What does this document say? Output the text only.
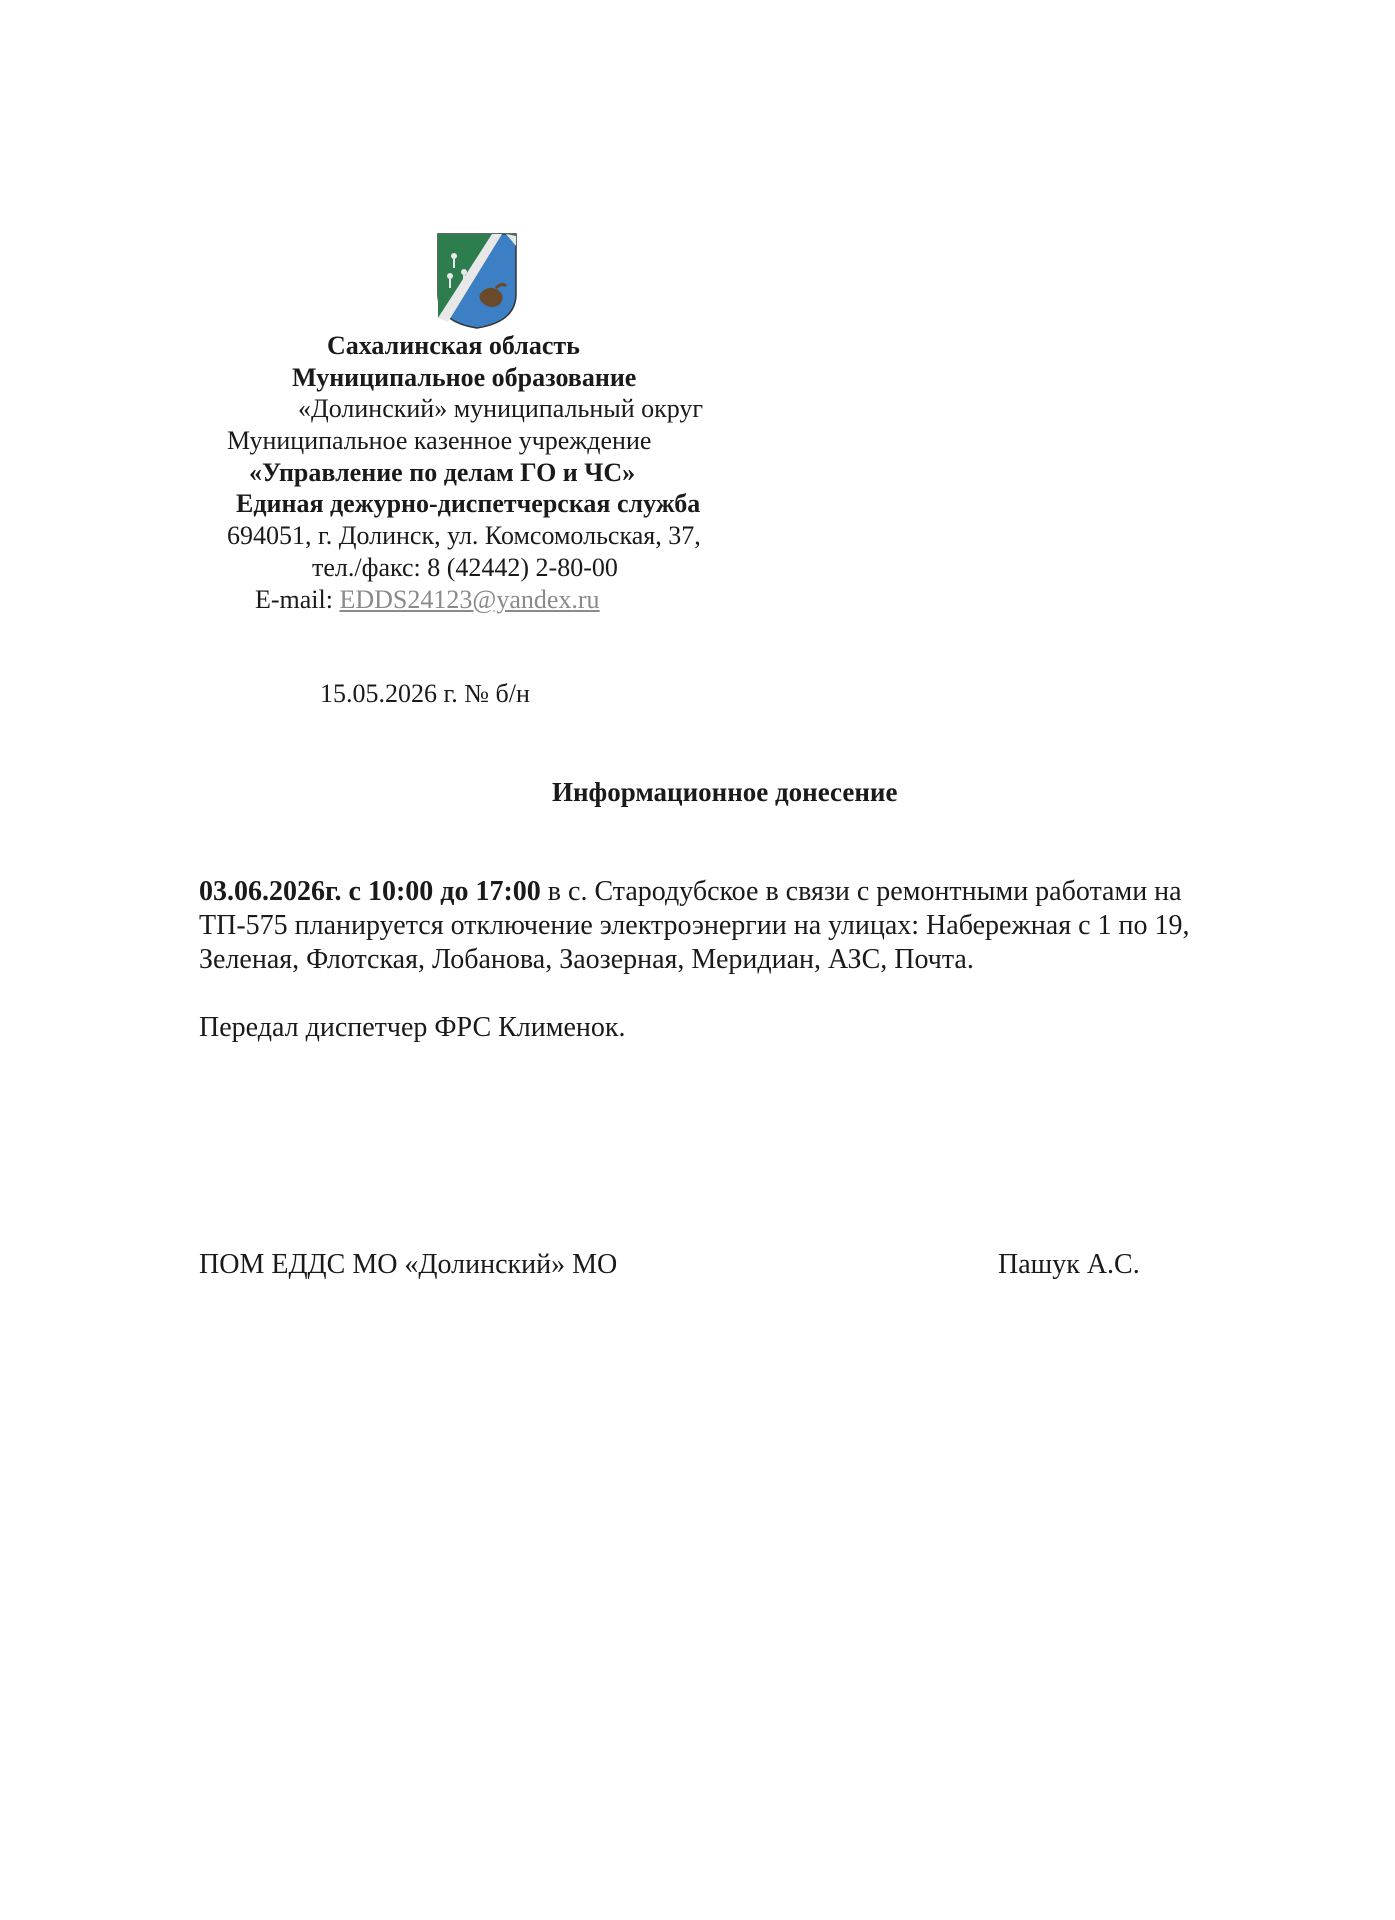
Сахалинская область
Муниципальное образование
«Долинский» муниципальный округ
Муниципальное казенное учреждение
«Управление по делам ГО и ЧС»
Единая дежурно-диспетчерская служба
694051, г. Долинск, ул. Комсомольская, 37,
тел./факс: 8 (42442) 2-80-00
E-mail: EDDS24123@yandex.ru
15.05.2026 г. № б/н
Информационное донесение
03.06.2026г. с 10:00 до 17:00 в с. Стародубское в связи с ремонтными работами на
ТП-575 планируется отключение электроэнергии на улицах: Набережная с 1 по 19,
Зеленая, Флотская, Лобанова, Заозерная, Меридиан, АЗС, Почта.
Передал диспетчер ФРС Клименок.
ПОМ ЕДДС МО «Долинский» МО	Пашук А.С.
